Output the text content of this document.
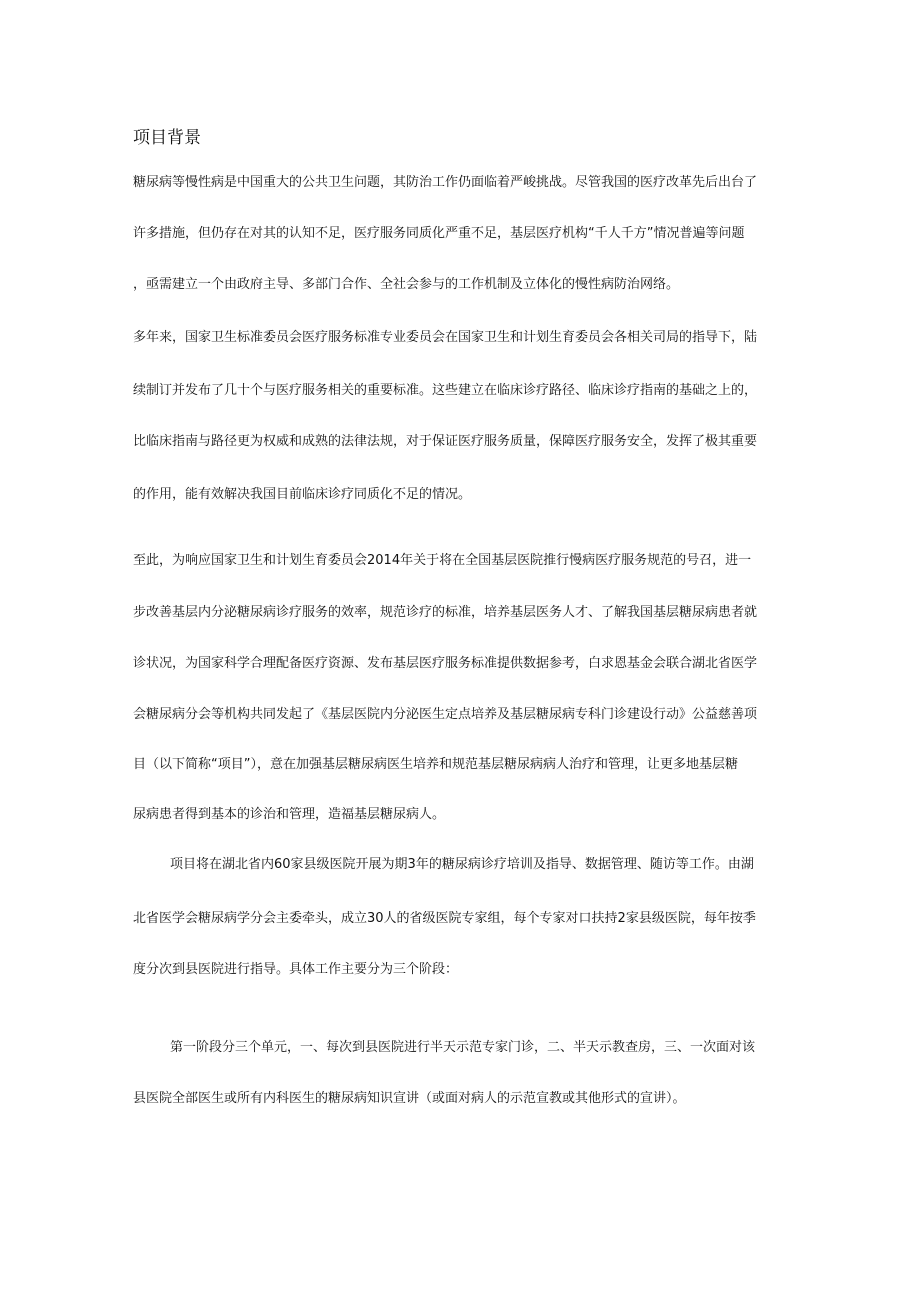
项目背景
糖尿病等慢性病是中国重大的公共卫生问题，其防治工作仍面临着严峻挑战。尽管我国的医疗改革先后出台了
许多措施，但仍存在对其的认知不足，医疗服务同质化严重不足，基层医疗机构“千人千方”情况普遍等问题
，亟需建立一个由政府主导、多部门合作、全社会参与的工作机制及立体化的慢性病防治网络。
多年来，国家卫生标准委员会医疗服务标准专业委员会在国家卫生和计划生育委员会各相关司局的指导下，陆
续制订并发布了几十个与医疗服务相关的重要标准。这些建立在临床诊疗路径、临床诊疗指南的基础之上的，
比临床指南与路径更为权威和成熟的法律法规，对于保证医疗服务质量，保障医疗服务安全，发挥了极其重要
的作用，能有效解决我国目前临床诊疗同质化不足的情况。
至此，为响应国家卫生和计划生育委员会2014年关于将在全国基层医院推行慢病医疗服务规范的号召，进一
步改善基层内分泌糖尿病诊疗服务的效率，规范诊疗的标准，培养基层医务人才、了解我国基层糖尿病患者就
诊状况，为国家科学合理配备医疗资源、发布基层医疗服务标准提供数据参考，白求恩基金会联合湖北省医学
会糖尿病分会等机构共同发起了《基层医院内分泌医生定点培养及基层糖尿病专科门诊建设行动》公益慈善项
目（以下简称“项目”），意在加强基层糖尿病医生培养和规范基层糖尿病病人治疗和管理，让更多地基层糖
尿病患者得到基本的诊治和管理，造福基层糖尿病人。
项目将在湖北省内60家县级医院开展为期3年的糖尿病诊疗培训及指导、数据管理、随访等工作。由湖
北省医学会糖尿病学分会主委牵头，成立30人的省级医院专家组，每个专家对口扶持2家县级医院，每年按季
度分次到县医院进行指导。具体工作主要分为三个阶段：
第一阶段分三个单元，一、每次到县医院进行半天示范专家门诊，二、半天示教查房，三、一次面对该
县医院全部医生或所有内科医生的糖尿病知识宣讲（或面对病人的示范宣教或其他形式的宣讲）。
